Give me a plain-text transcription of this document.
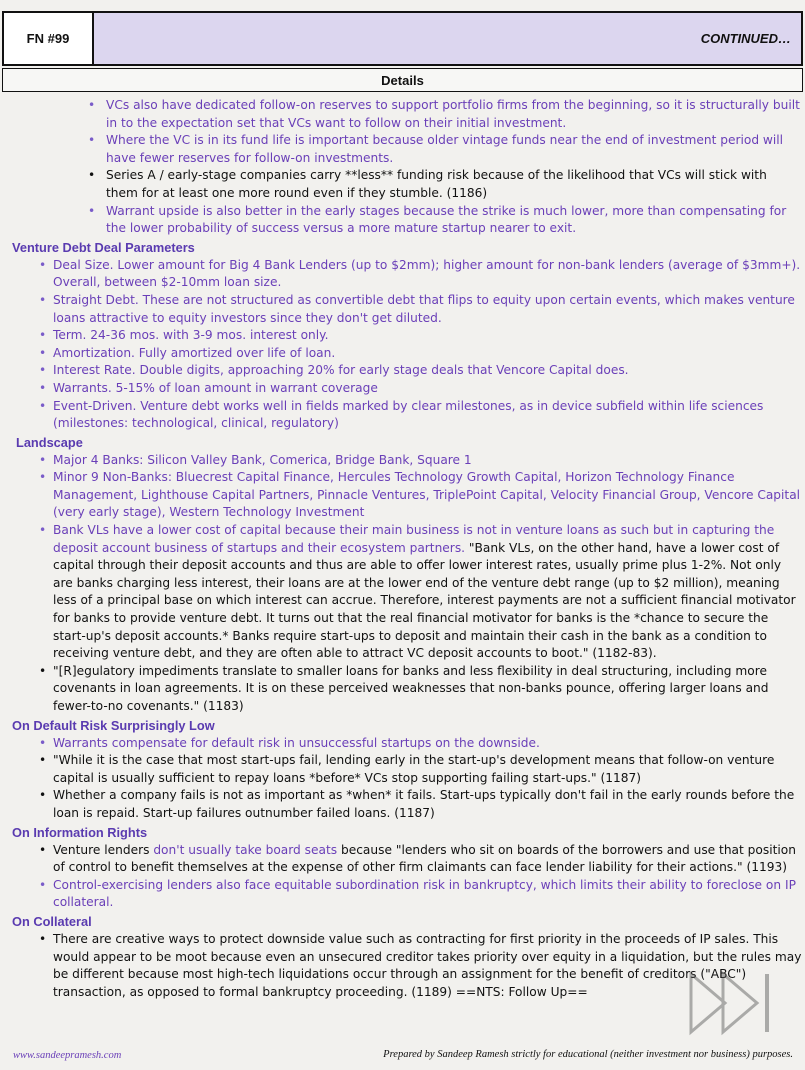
FN #99	CONTINUED…
Details
• VCs also have dedicated follow-on reserves to support portfolio firms from the beginning, so it is structurally built in to the expectation set that VCs want to follow on their initial investment.
• Where the VC is in its fund life is important because older vintage funds near the end of investment period will have fewer reserves for follow-on investments.
• Series A / early-stage companies carry **less** funding risk because of the likelihood that VCs will stick with them for at least one more round even if they stumble. (1186)
• Warrant upside is also better in the early stages because the strike is much lower, more than compensating for the lower probability of success versus a more mature startup nearer to exit.
Venture Debt Deal Parameters
• Deal Size. Lower amount for Big 4 Bank Lenders (up to $2mm); higher amount for non-bank lenders (average of $3mm+). Overall, between $2-10mm loan size.
• Straight Debt. These are not structured as convertible debt that flips to equity upon certain events, which makes venture loans attractive to equity investors since they don't get diluted.
• Term. 24-36 mos. with 3-9 mos. interest only.
• Amortization. Fully amortized over life of loan.
• Interest Rate. Double digits, approaching 20% for early stage deals that Vencore Capital does.
• Warrants. 5-15% of loan amount in warrant coverage
• Event-Driven. Venture debt works well in fields marked by clear milestones, as in device subfield within life sciences (milestones: technological, clinical, regulatory)
Landscape
• Major 4 Banks: Silicon Valley Bank, Comerica, Bridge Bank, Square 1
• Minor 9 Non-Banks: Bluecrest Capital Finance, Hercules Technology Growth Capital, Horizon Technology Finance Management, Lighthouse Capital Partners, Pinnacle Ventures, TriplePoint Capital, Velocity Financial Group, Vencore Capital (very early stage), Western Technology Investment
• Bank VLs have a lower cost of capital because their main business is not in venture loans as such but in capturing the deposit account business of startups and their ecosystem partners. "Bank VLs, on the other hand, have a lower cost of capital through their deposit accounts and thus are able to offer lower interest rates, usually prime plus 1-2%. Not only are banks charging less interest, their loans are at the lower end of the venture debt range (up to $2 million), meaning less of a principal base on which interest can accrue. Therefore, interest payments are not a sufficient financial motivator for banks to provide venture debt. It turns out that the real financial motivator for banks is the *chance to secure the start-up's deposit accounts.* Banks require start-ups to deposit and maintain their cash in the bank as a condition to receiving venture debt, and they are often able to attract VC deposit accounts to boot." (1182-83).
• "[R]egulatory impediments translate to smaller loans for banks and less flexibility in deal structuring, including more covenants in loan agreements. It is on these perceived weaknesses that non-banks pounce, offering larger loans and fewer-to-no covenants." (1183)
On Default Risk Surprisingly Low
• Warrants compensate for default risk in unsuccessful startups on the downside.
• "While it is the case that most start-ups fail, lending early in the start-up's development means that follow-on venture capital is usually sufficient to repay loans *before* VCs stop supporting failing start-ups." (1187)
• Whether a company fails is not as important as *when* it fails. Start-ups typically don't fail in the early rounds before the loan is repaid. Start-up failures outnumber failed loans. (1187)
On Information Rights
• Venture lenders don't usually take board seats because "lenders who sit on boards of the borrowers and use that position of control to benefit themselves at the expense of other firm claimants can face lender liability for their actions." (1193)
• Control-exercising lenders also face equitable subordination risk in bankruptcy, which limits their ability to foreclose on IP collateral.
On Collateral
• There are creative ways to protect downside value such as contracting for first priority in the proceeds of IP sales. This would appear to be moot because even an unsecured creditor takes priority over equity in a liquidation, but the rules may be different because most high-tech liquidations occur through an assignment for the benefit of creditors ("ABC") transaction, as opposed to formal bankruptcy proceeding. (1189) ==NTS: Follow Up==
www.sandeepramesh.com	Prepared by Sandeep Ramesh strictly for educational (neither investment nor business) purposes.
